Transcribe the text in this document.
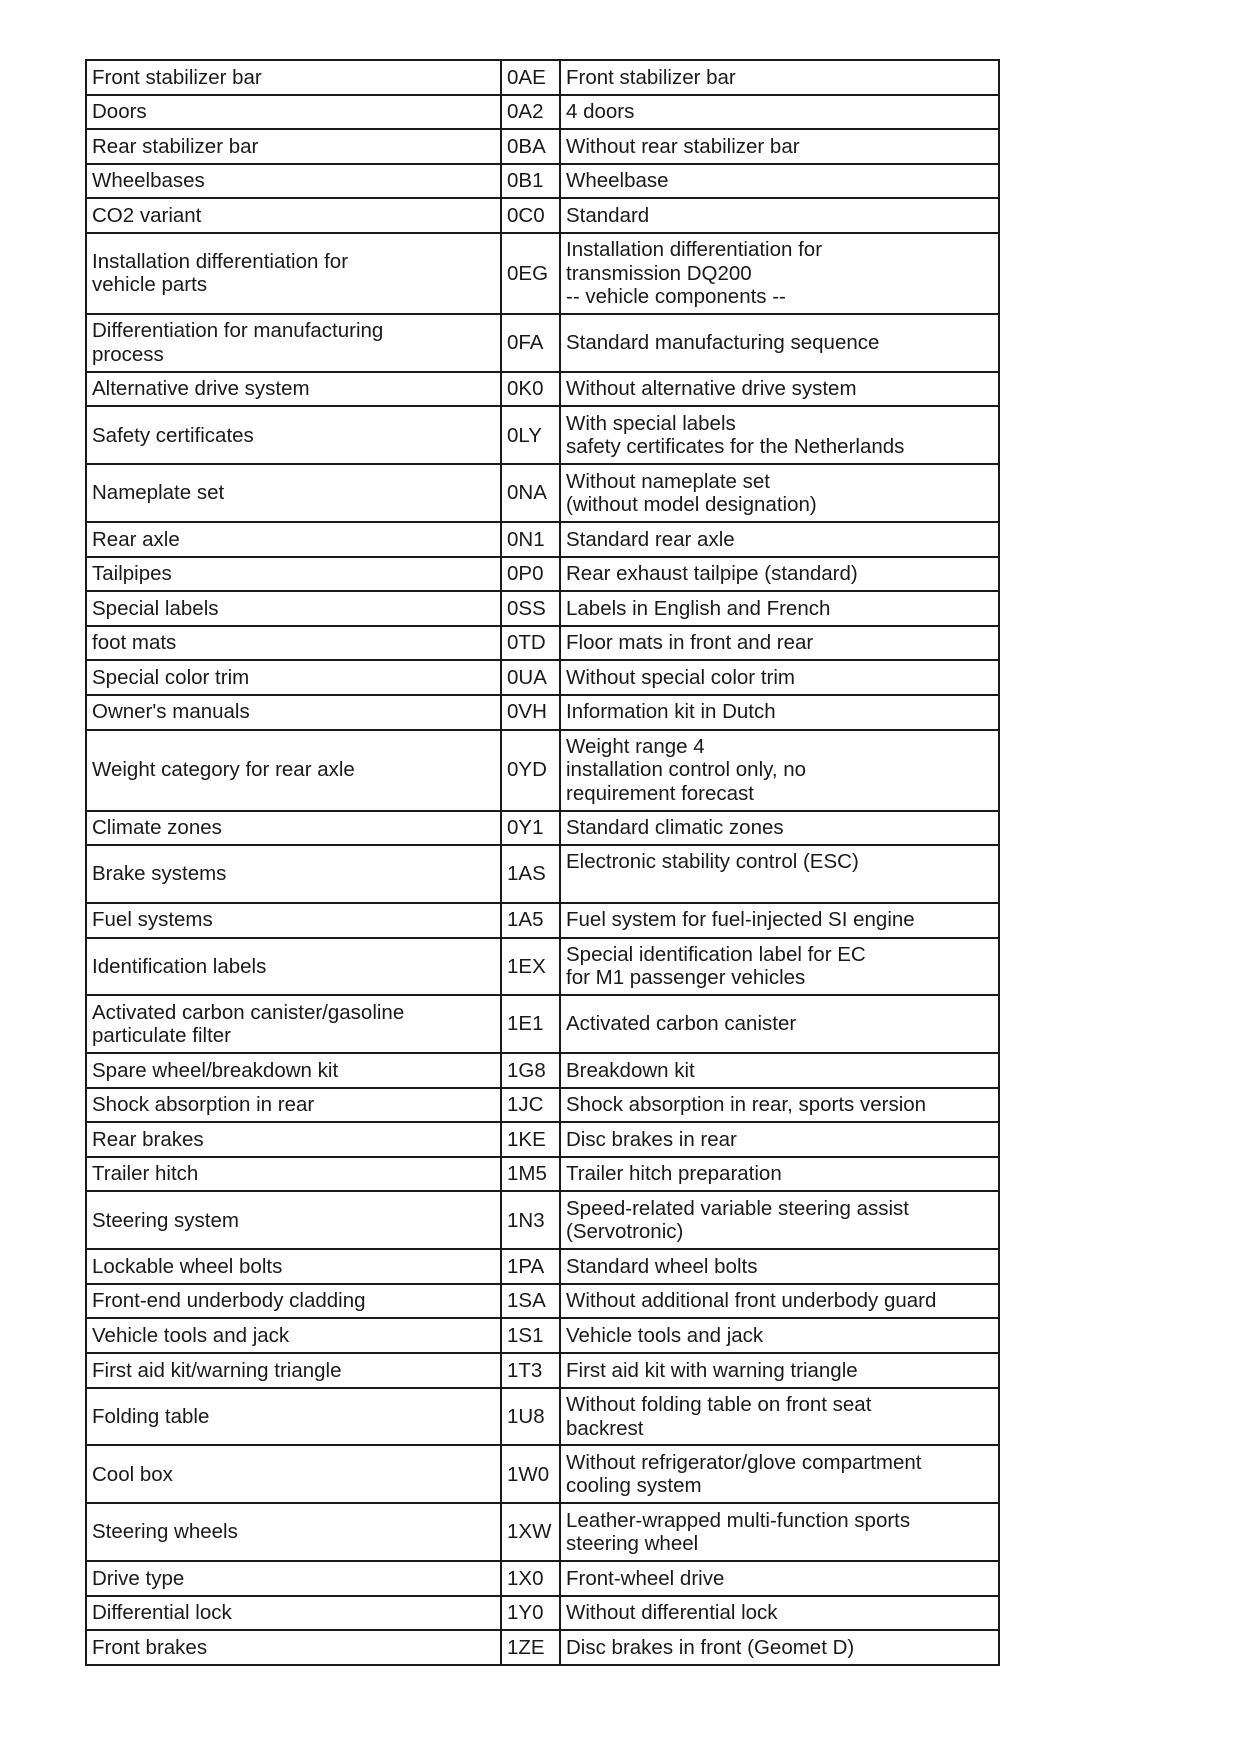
Front stabilizer bar	0AE	Front stabilizer bar
Doors	0A2	4 doors
Rear stabilizer bar	0BA	Without rear stabilizer bar
Wheelbases	0B1	Wheelbase
CO2 variant	0C0	Standard
Installation differentiation for
vehicle parts	0EG	Installation differentiation for
transmission DQ200
-- vehicle components --
Differentiation for manufacturing
process	0FA	Standard manufacturing sequence
Alternative drive system	0K0	Without alternative drive system
Safety certificates	0LY	With special labels
safety certificates for the Netherlands
Nameplate set	0NA	Without nameplate set
(without model designation)
Rear axle	0N1	Standard rear axle
Tailpipes	0P0	Rear exhaust tailpipe (standard)
Special labels	0SS	Labels in English and French
foot mats	0TD	Floor mats in front and rear
Special color trim	0UA	Without special color trim
Owner's manuals	0VH	Information kit in Dutch
Weight category for rear axle	0YD	Weight range 4
installation control only, no
requirement forecast
Climate zones	0Y1	Standard climatic zones
Brake systems	1AS	Electronic stability control (ESC)
Fuel systems	1A5	Fuel system for fuel-injected SI engine
Identification labels	1EX	Special identification label for EC
for M1 passenger vehicles
Activated carbon canister/gasoline
particulate filter	1E1	Activated carbon canister
Spare wheel/breakdown kit	1G8	Breakdown kit
Shock absorption in rear	1JC	Shock absorption in rear, sports version
Rear brakes	1KE	Disc brakes in rear
Trailer hitch	1M5	Trailer hitch preparation
Steering system	1N3	Speed-related variable steering assist
(Servotronic)
Lockable wheel bolts	1PA	Standard wheel bolts
Front-end underbody cladding	1SA	Without additional front underbody guard
Vehicle tools and jack	1S1	Vehicle tools and jack
First aid kit/warning triangle	1T3	First aid kit with warning triangle
Folding table	1U8	Without folding table on front seat
backrest
Cool box	1W0	Without refrigerator/glove compartment
cooling system
Steering wheels	1XW	Leather-wrapped multi-function sports
steering wheel
Drive type	1X0	Front-wheel drive
Differential lock	1Y0	Without differential lock
Front brakes	1ZE	Disc brakes in front (Geomet D)
